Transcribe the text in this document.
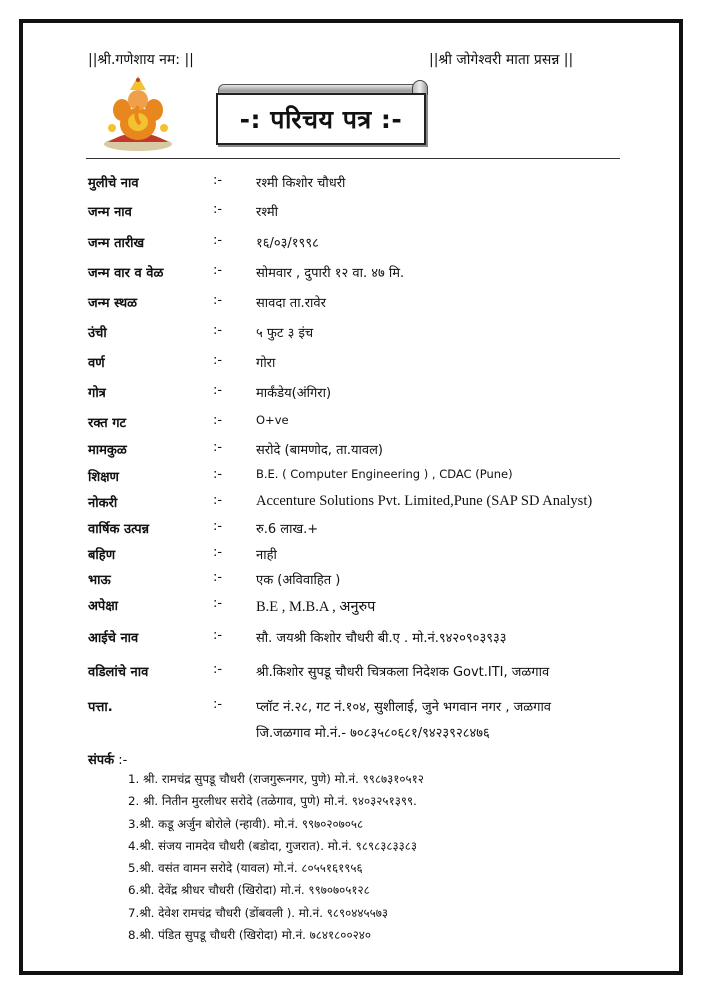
||श्री.गणेशाय नम: ||	||श्री जोगेश्वरी माता प्रसन्न ||
-: परिचय पत्र :-
मुलीचे नाव	:-	रश्मी किशोर चौधरी
जन्म नाव	:-	रश्मी
जन्म तारीख	:-	१६/०३/१९९८
जन्म वार व वेळ	:-	सोमवार , दुपारी १२ वा. ४७ मि.
जन्म स्थळ	:-	सावदा ता.रावेर
उंची	:-	५ फुट ३ इंच
वर्ण	:-	गोरा
गोत्र	:-	मार्कंडेय(अंगिरा)
रक्त गट	:-	O+ve
मामकुळ	:-	सरोदे (बामणोद, ता.यावल)
शिक्षण	:-	B.E. ( Computer Engineering ) , CDAC (Pune)
नोकरी	:- Accenture Solutions Pvt. Limited,Pune (SAP SD Analyst)
वार्षिक उत्पन्न	:-	रु.6 लाख.+
बहिण	:-	नाही
भाऊ	:-	एक (अविवाहित )
अपेक्षा	:- B.E , M.B.A , अनुरुप
आईचे नाव	:-	सौ. जयश्री किशोर चौधरी बी.ए . मो.नं.९४२०९०३९३३
वडिलांचे नाव	:-	श्री.किशोर सुपडू चौधरी चित्रकला निदेशक Govt.ITI, जळगाव
पत्ता.	:-	प्लॉट नं.२८, गट नं.१०४, सुशीलाई, जुने भगवान नगर , जळगाव
जि.जळगाव मो.नं.- ७०८३५८०६८१/९४२३९२८४७६
संपर्क :-
1. श्री. रामचंद्र सुपडू चौधरी (राजगुरूनगर, पुणे) मो.नं. ९९८७३१०५१२
2. श्री. नितीन मुरलीधर सरोदे (तळेगाव, पुणे) मो.नं. ९४०३२५१३९९.
3.श्री. कडू अर्जुन बोरोले (न्हावी). मो.नं. ९९७०२०७०५८
4.श्री. संजय नामदेव चौधरी (बडोदा, गुजरात). मो.नं. ९८९८३८३३८३
5.श्री. वसंत वामन सरोदे (यावल) मो.नं. ८०५५१६१९५६
6.श्री. देवेंद्र श्रीधर चौधरी (खिरोदा) मो.नं. ९९७०७०५१२८
7.श्री. देवेश रामचंद्र चौधरी (डोंबवली ). मो.नं. ९८९०४४५५७३
8.श्री. पंडित सुपडू चौधरी (खिरोदा) मो.नं. ७८४१८००२४०
